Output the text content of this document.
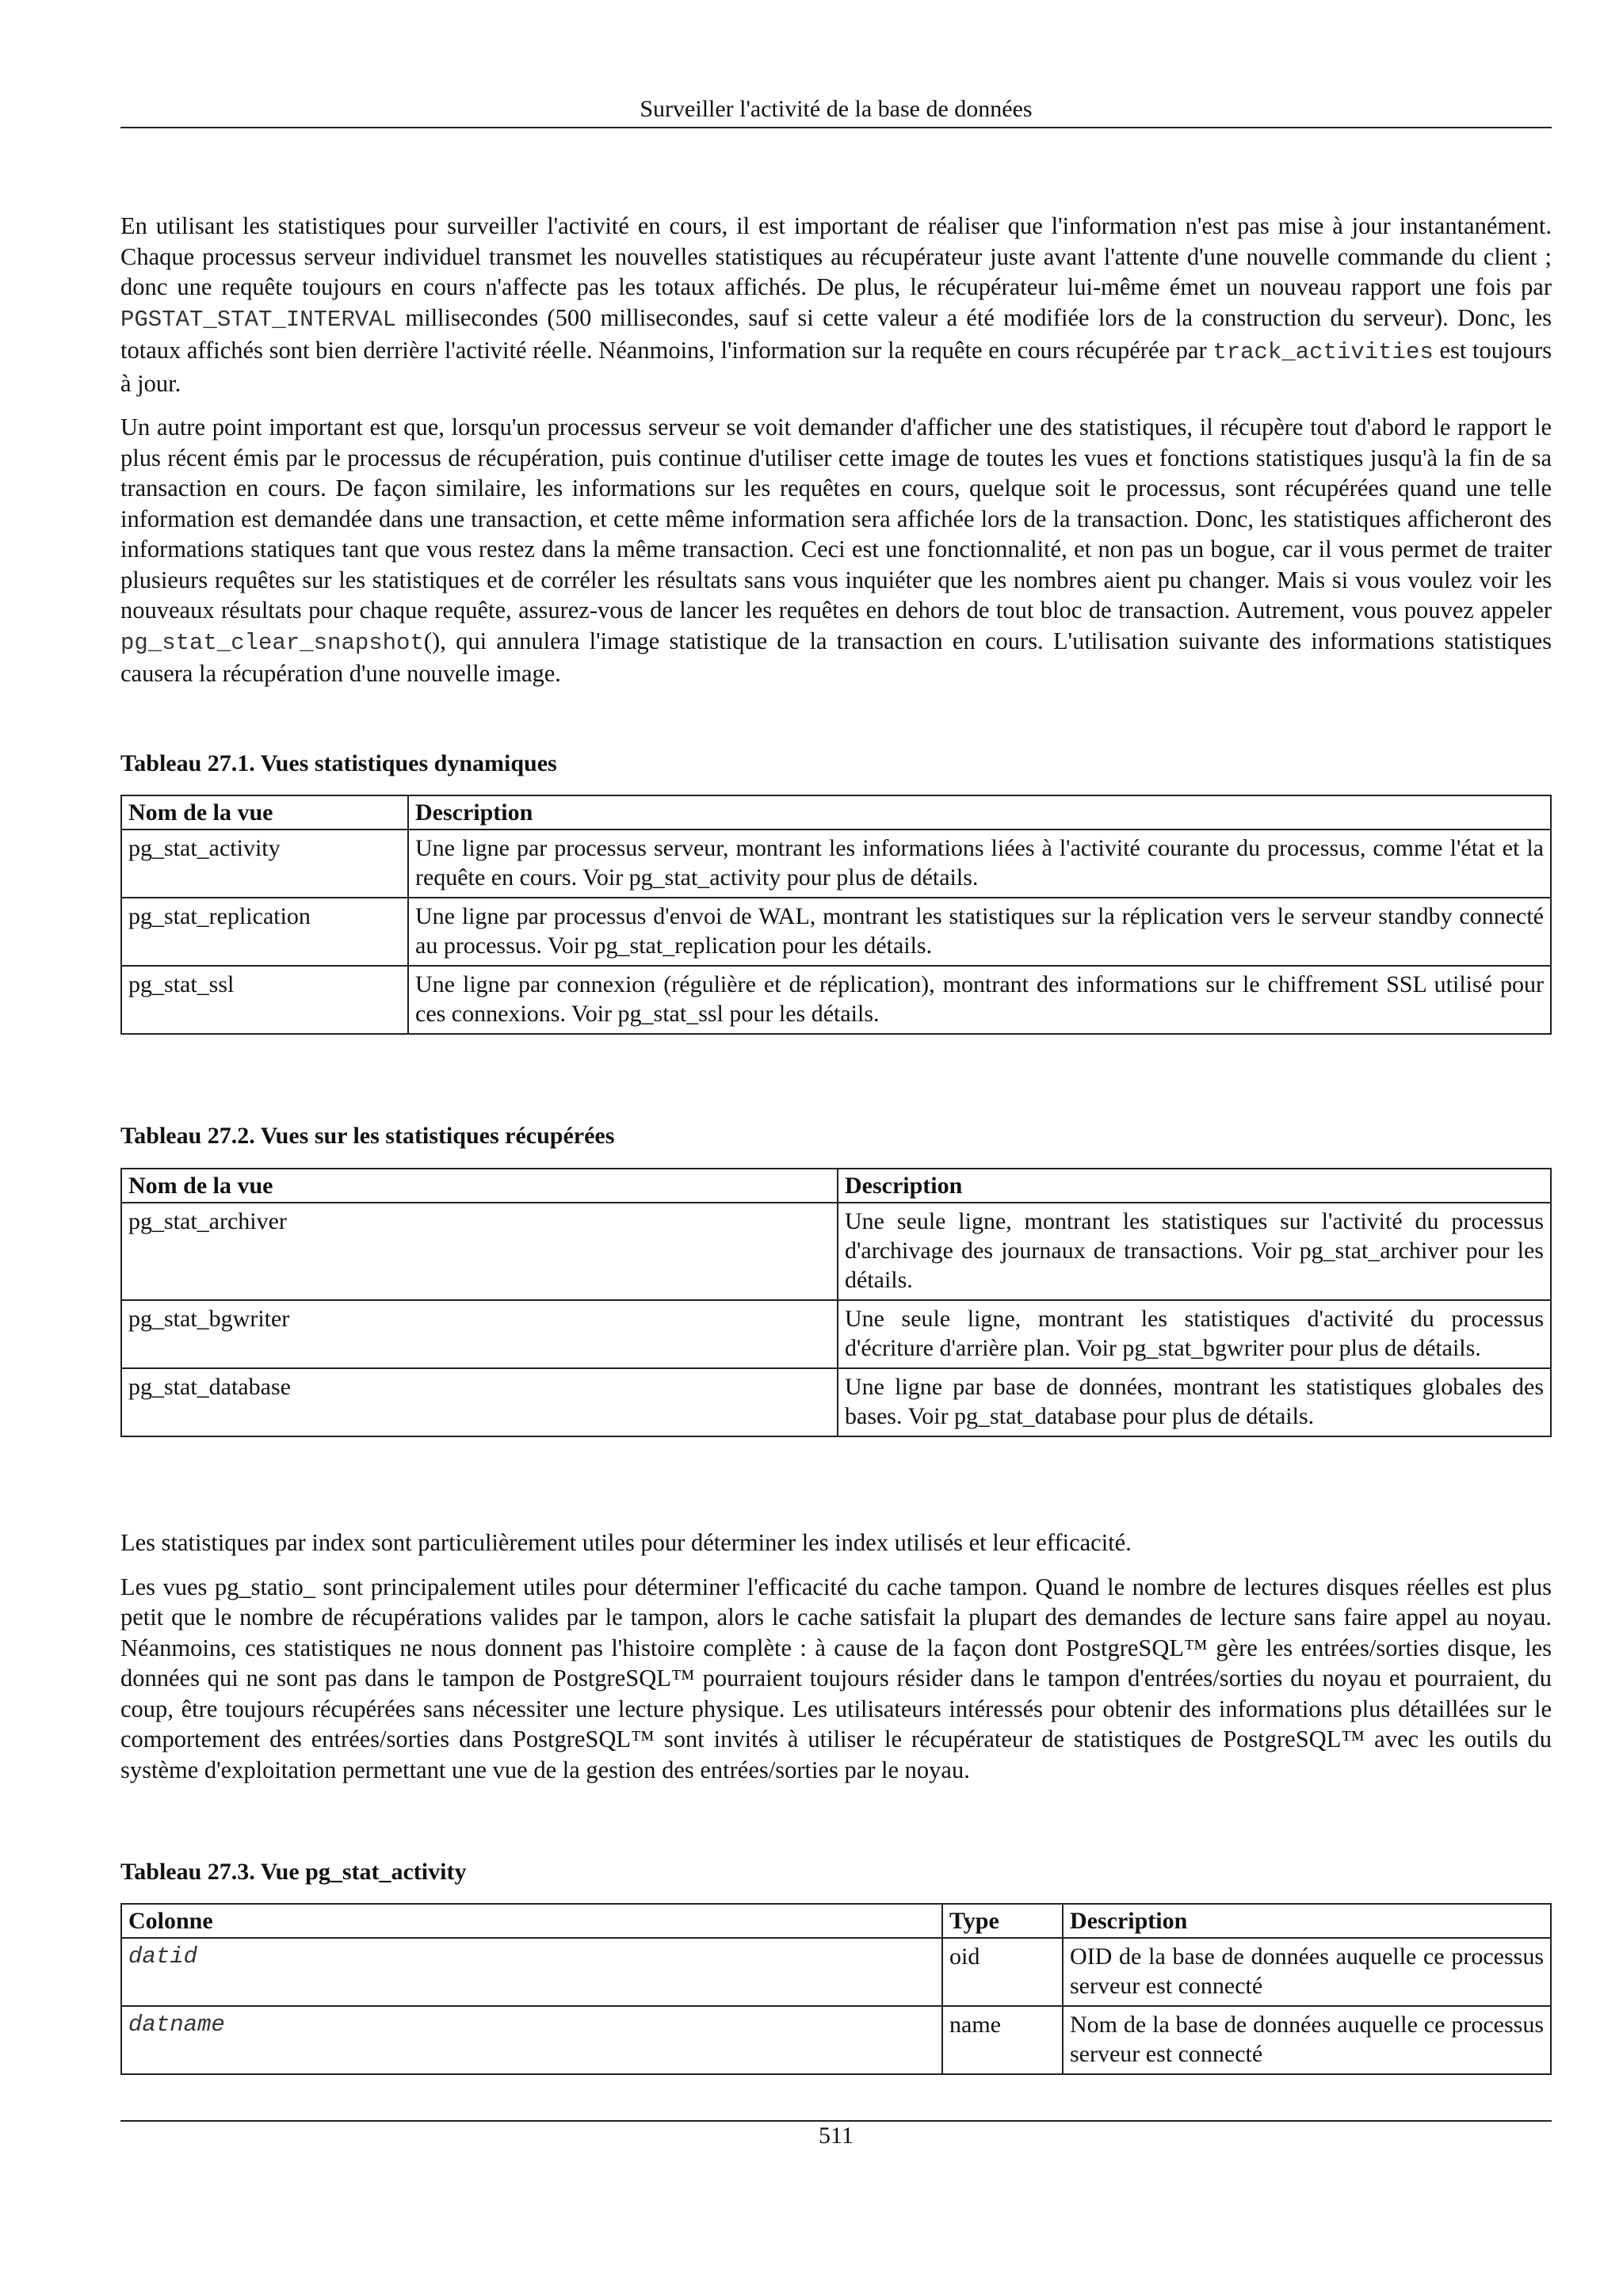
Surveiller l'activité de la base de données

En utilisant les statistiques pour surveiller l'activité en cours, il est important de réaliser que l'information n'est pas mise à jour instantanément. Chaque processus serveur individuel transmet les nouvelles statistiques au récupérateur juste avant l'attente d'une nouvelle commande du client ; donc une requête toujours en cours n'affecte pas les totaux affichés. De plus, le récupérateur lui-même émet un nouveau rapport une fois par PGSTAT_STAT_INTERVAL millisecondes (500 millisecondes, sauf si cette valeur a été modifiée lors de la construction du serveur). Donc, les totaux affichés sont bien derrière l'activité réelle. Néanmoins, l'information sur la requête en cours récupérée par track_activities est toujours à jour.

Un autre point important est que, lorsqu'un processus serveur se voit demander d'afficher une des statistiques, il récupère tout d'abord le rapport le plus récent émis par le processus de récupération, puis continue d'utiliser cette image de toutes les vues et fonctions statistiques jusqu'à la fin de sa transaction en cours. De façon similaire, les informations sur les requêtes en cours, quelque soit le processus, sont récupérées quand une telle information est demandée dans une transaction, et cette même information sera affichée lors de la transaction. Donc, les statistiques afficheront des informations statiques tant que vous restez dans la même transaction. Ceci est une fonctionnalité, et non pas un bogue, car il vous permet de traiter plusieurs requêtes sur les statistiques et de corréler les résultats sans vous inquiéter que les nombres aient pu changer. Mais si vous voulez voir les nouveaux résultats pour chaque requête, assurez-vous de lancer les requêtes en dehors de tout bloc de transaction. Autrement, vous pouvez appeler pg_stat_clear_snapshot(), qui annulera l'image statistique de la transaction en cours. L'utilisation suivante des informations statistiques causera la récupération d'une nouvelle image.

Tableau 27.1. Vues statistiques dynamiques
Nom de la vue	Description
pg_stat_activity	Une ligne par processus serveur, montrant les informations liées à l'activité courante du processus, comme l'état et la requête en cours. Voir pg_stat_activity pour plus de détails.
pg_stat_replication	Une ligne par processus d'envoi de WAL, montrant les statistiques sur la réplication vers le serveur standby connecté au processus. Voir pg_stat_replication pour les détails.
pg_stat_ssl	Une ligne par connexion (régulière et de réplication), montrant des informations sur le chiffrement SSL utilisé pour ces connexions. Voir pg_stat_ssl pour les détails.
Tableau 27.2. Vues sur les statistiques récupérées
Nom de la vue	Description
pg_stat_archiver	Une seule ligne, montrant les statistiques sur l'activité du processus d'archivage des journaux de transactions. Voir pg_stat_archiver pour les détails.
pg_stat_bgwriter	Une seule ligne, montrant les statistiques d'activité du processus d'écriture d'arrière plan. Voir pg_stat_bgwriter pour plus de détails.
pg_stat_database	Une ligne par base de données, montrant les statistiques globales des bases. Voir pg_stat_database pour plus de détails.

Les statistiques par index sont particulièrement utiles pour déterminer les index utilisés et leur efficacité.

Les vues pg_statio_ sont principalement utiles pour déterminer l'efficacité du cache tampon. Quand le nombre de lectures disques réelles est plus petit que le nombre de récupérations valides par le tampon, alors le cache satisfait la plupart des demandes de lecture sans faire appel au noyau. Néanmoins, ces statistiques ne nous donnent pas l'histoire complète : à cause de la façon dont PostgreSQL™ gère les entrées/sorties disque, les données qui ne sont pas dans le tampon de PostgreSQL™ pourraient toujours résider dans le tampon d'entrées/sorties du noyau et pourraient, du coup, être toujours récupérées sans nécessiter une lecture physique. Les utilisateurs intéressés pour obtenir des informations plus détaillées sur le comportement des entrées/sorties dans PostgreSQL™ sont invités à utiliser le récupérateur de statistiques de PostgreSQL™ avec les outils du système d'exploitation permettant une vue de la gestion des entrées/sorties par le noyau.

Tableau 27.3. Vue pg_stat_activity
Colonne	Type	Description
datid	oid	OID de la base de données auquelle ce processus serveur est connecté
datname	name	Nom de la base de données auquelle ce processus serveur est connecté
511
